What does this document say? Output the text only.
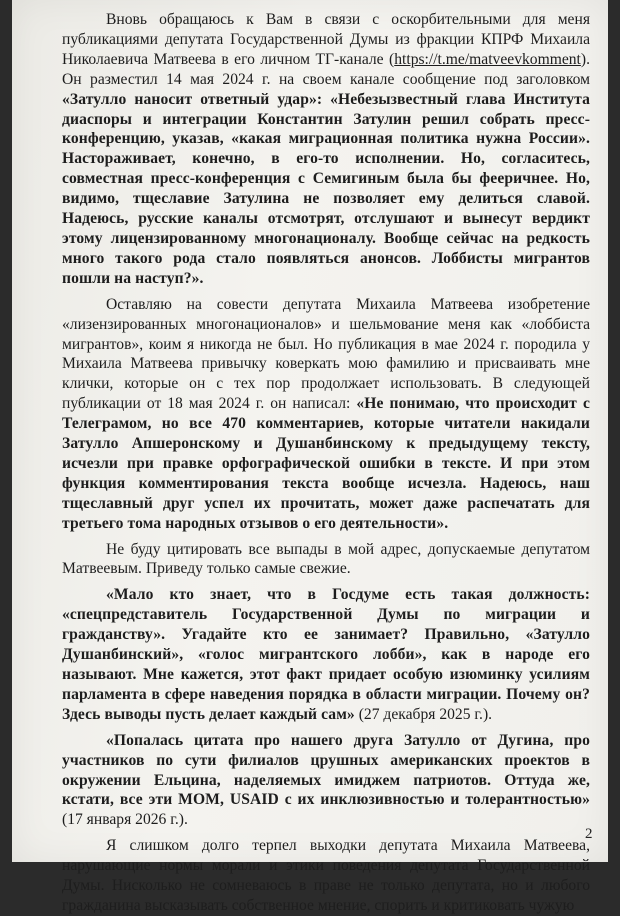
Вновь обращаюсь к Вам в связи с оскорбительными для меня публикациями депутата Государственной Думы из фракции КПРФ Михаила Николаевича Матвеева в его личном ТГ-канале (https://t.me/matveevkomment). Он разместил 14 мая 2024 г. на своем канале сообщение под заголовком «Затулло наносит ответный удар»: «Небезызвестный глава Института диаспоры и интеграции Константин Затулин решил собрать пресс-конференцию, указав, «какая миграционная политика нужна России». Настораживает, конечно, в его-то исполнении. Но, согласитесь, совместная пресс-конференция с Семигиным была бы фееричнее. Но, видимо, тщеславие Затулина не позволяет ему делиться славой. Надеюсь, русские каналы отсмотрят, отслушают и вынесут вердикт этому лицензированному многонационалу. Вообще сейчас на редкость много такого рода стало появляться анонсов. Лоббисты мигрантов пошли на наступ?».

Оставляю на совести депутата Михаила Матвеева изобретение «лизензированных многонационалов» и шельмование меня как «лоббиста мигрантов», коим я никогда не был. Но публикация в мае 2024 г. породила у Михаила Матвеева привычку коверкать мою фамилию и присваивать мне клички, которые он с тех пор продолжает использовать. В следующей публикации от 18 мая 2024 г. он написал: «Не понимаю, что происходит с Телеграмом, но все 470 комментариев, которые читатели накидали Затулло Апшеронскому и Душанбинскому к предыдущему тексту, исчезли при правке орфографической ошибки в тексте. И при этом функция комментирования текста вообще исчезла. Надеюсь, наш тщеславный друг успел их прочитать, может даже распечатать для третьего тома народных отзывов о его деятельности».

Не буду цитировать все выпады в мой адрес, допускаемые депутатом Матвеевым. Приведу только самые свежие.

«Мало кто знает, что в Госдуме есть такая должность: «спецпредставитель Государственной Думы по миграции и гражданству». Угадайте кто ее занимает? Правильно, «Затулло Душанбинский», «голос мигрантского лобби», как в народе его называют. Мне кажется, этот факт придает особую изюминку усилиям парламента в сфере наведения порядка в области миграции. Почему он? Здесь выводы пусть делает каждый сам» (27 декабря 2025 г.).

«Попалась цитата про нашего друга Затулло от Дугина, про участников по сути филиалов црушных американских проектов в окружении Ельцина, наделяемых имиджем патриотов. Оттуда же, кстати, все эти МОМ, USAID с их инклюзивностью и толерантностью» (17 января 2026 г.).

Я слишком долго терпел выходки депутата Михаила Матвеева, нарушающие нормы морали и этики поведения депутата Государственной Думы. Нисколько не сомневаюсь в праве не только депутата, но и любого гражданина высказывать собственное мнение, спорить и критиковать чужую

2
